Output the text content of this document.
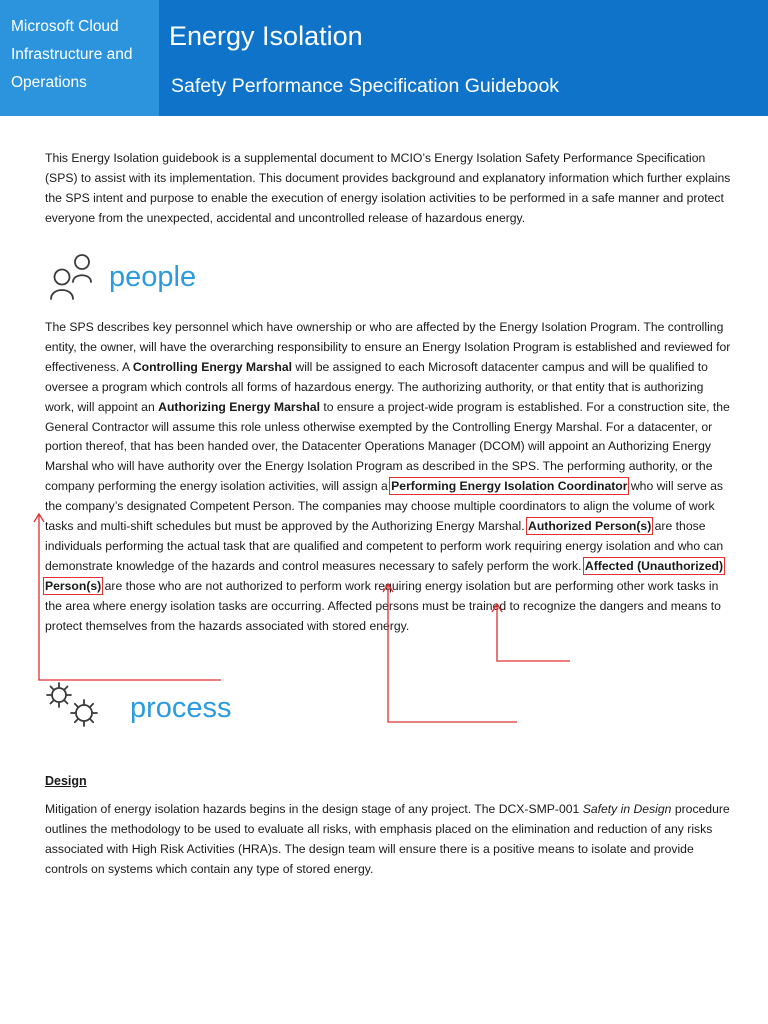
Microsoft Cloud
Infrastructure and
Operations
Energy Isolation
Safety Performance Specification Guidebook

This Energy Isolation guidebook is a supplemental document to MCIO’s Energy Isolation Safety Performance Specification (SPS) to assist with its implementation. This document provides background and explanatory information which further explains the SPS intent and purpose to enable the execution of energy isolation activities to be performed in a safe manner and protect everyone from the unexpected, accidental and uncontrolled release of hazardous energy.

people

The SPS describes key personnel which have ownership or who are affected by the Energy Isolation Program. The controlling entity, the owner, will have the overarching responsibility to ensure an Energy Isolation Program is established and reviewed for effectiveness. A Controlling Energy Marshal will be assigned to each Microsoft datacenter campus and will be qualified to oversee a program which controls all forms of hazardous energy. The authorizing authority, or that entity that is authorizing work, will appoint an Authorizing Energy Marshal to ensure a project-wide program is established. For a construction site, the General Contractor will assume this role unless otherwise exempted by the Controlling Energy Marshal. For a datacenter, or portion thereof, that has been handed over, the Datacenter Operations Manager (DCOM) will appoint an Authorizing Energy Marshal who will have authority over the Energy Isolation Program as described in the SPS. The performing authority, or the company performing the energy isolation activities, will assign a Performing Energy Isolation Coordinator who will serve as the company’s designated Competent Person. The companies may choose multiple coordinators to align the volume of work tasks and multi-shift schedules but must be approved by the Authorizing Energy Marshal. Authorized Person(s) are those individuals performing the actual task that are qualified and competent to perform work requiring energy isolation and who can demonstrate knowledge of the hazards and control measures necessary to safely perform the work. Affected (Unauthorized) Person(s) are those who are not authorized to perform work requiring energy isolation but are performing other work tasks in the area where energy isolation tasks are occurring. Affected persons must be trained to recognize the dangers and means to protect themselves from the hazards associated with stored energy.

process
Design

Mitigation of energy isolation hazards begins in the design stage of any project. The DCX-SMP-001 Safety in Design procedure outlines the methodology to be used to evaluate all risks, with emphasis placed on the elimination and reduction of any risks associated with High Risk Activities (HRA)s. The design team will ensure there is a positive means to isolate and provide controls on systems which contain any type of stored energy.
